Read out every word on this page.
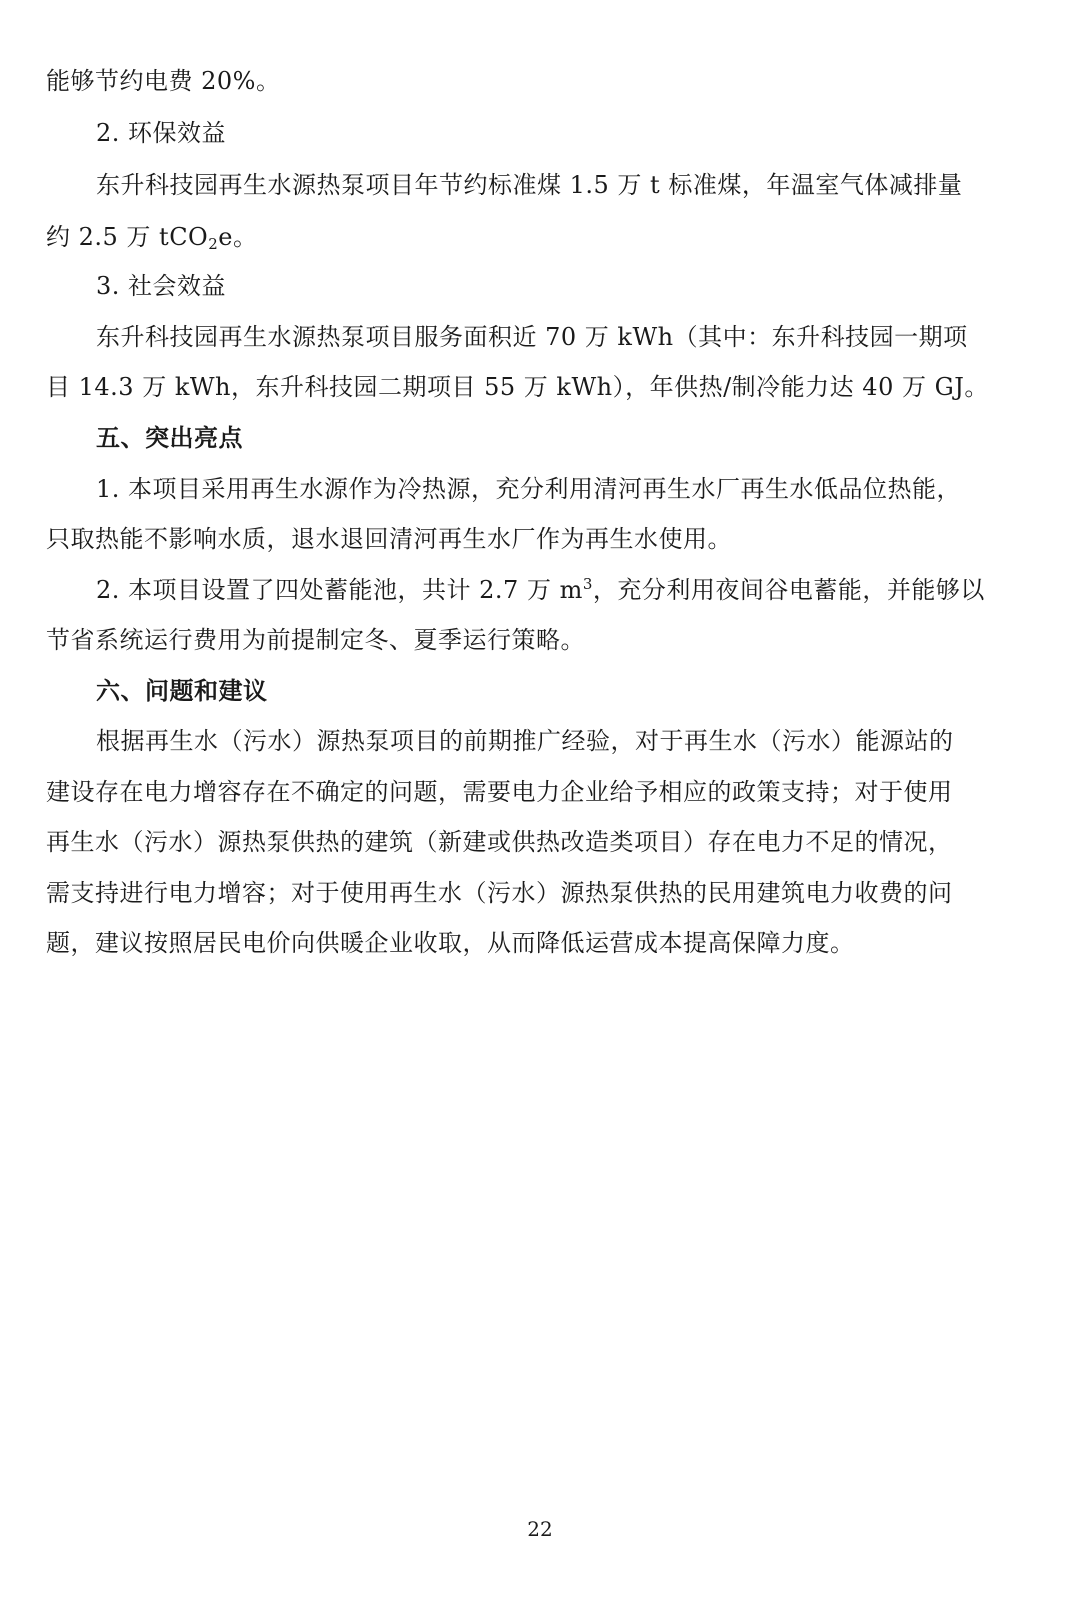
能够节约电费 20%。
2. 环保效益
东升科技园再生水源热泵项目年节约标准煤 1.5 万 t 标准煤，年温室气体减排量
约 2.5 万 tCO$_2$e。
3. 社会效益
东升科技园再生水源热泵项目服务面积近 70 万 kWh（其中：东升科技园一期项
目 14.3 万 kWh，东升科技园二期项目 55 万 kWh），年供热/制冷能力达 40 万 GJ。
五、突出亮点
1. 本项目采用再生水源作为冷热源，充分利用清河再生水厂再生水低品位热能，
只取热能不影响水质，退水退回清河再生水厂作为再生水使用。
2. 本项目设置了四处蓄能池，共计 2.7 万 $m^3$，充分利用夜间谷电蓄能，并能够以
节省系统运行费用为前提制定冬、夏季运行策略。
六、问题和建议
根据再生水（污水）源热泵项目的前期推广经验，对于再生水（污水）能源站的
建设存在电力增容存在不确定的问题，需要电力企业给予相应的政策支持；对于使用
再生水（污水）源热泵供热的建筑（新建或供热改造类项目）存在电力不足的情况，
需支持进行电力增容；对于使用再生水（污水）源热泵供热的民用建筑电力收费的问
题，建议按照居民电价向供暖企业收取，从而降低运营成本提高保障力度。
22
